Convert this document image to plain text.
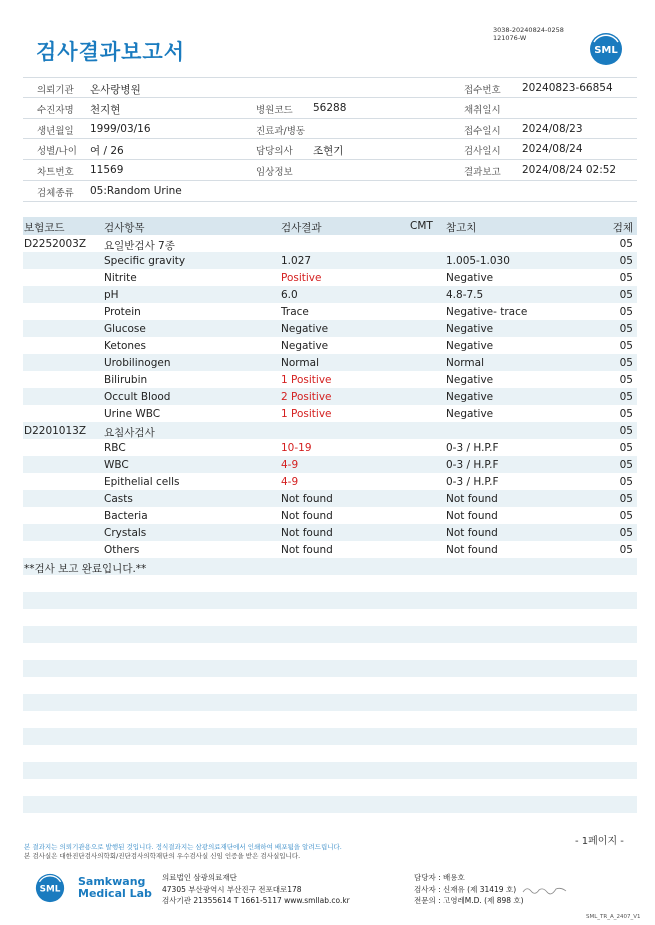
3038-20240824-0258
121076-W
검사결과보고서	SML
의뢰기관 온사랑병원	접수번호 20240823-66854
수진자명 천지현	병원코드 56288	채취일시
생년월일 1999/03/16	진료과/병동	접수일시 2024/08/23
성별/나이 여 / 26	담당의사 조현기	검사일시 2024/08/24
차트번호 11569	임상정보	결과보고 2024/08/24 02:52
검체종류 05:Random Urine
보험코드	검사항목	검사결과	CMT 참고치	검체
D2252003Z 요일반검사 7종	05
Specific gravity	1.027	1.005-1.030	05
Nitrite	Positive	Negative	05
pH	6.0	4.8-7.5	05
Protein	Trace	Negative- trace	05
Glucose	Negative	Negative	05
Ketones	Negative	Negative	05
Urobilinogen	Normal	Normal	05
Bilirubin	1 Positive	Negative	05
Occult Blood	2 Positive	Negative	05
Urine WBC	1 Positive	Negative	05
D2201013Z 요침사검사	05
RBC	10-19	0-3 / H.P.F	05
WBC	4-9	0-3 / H.P.F	05
Epithelial cells	4-9	0-3 / H.P.F	05
Casts	Not found	Not found	05
Bacteria	Not found	Not found	05
Crystals	Not found	Not found	05
Others	Not found	Not found	05
**검사 보고 완료입니다.**
- 1페이지 -
본 결과지는 의뢰기관용으로 발행된 것입니다. 정식결과지는 삼광의료재단에서 인쇄하여 배포됨을 알려드립니다.
본 검사실은 대한진단검사의학회/진단검사의학재단의 우수검사실 신임 인증을 받은 검사실입니다.
SML
Samkwang
Medical Lab
의료법인 삼광의료재단
47305 부산광역시 부산진구 전포대로178
검사기관 21355614 T 1661-5117 www.smllab.co.kr
담당자 : 배용호
검사자 : 신재유 (제 31419 호)
전문의 : 고영레M.D. (제 898 호)
SML_TR_A_2407_V1
